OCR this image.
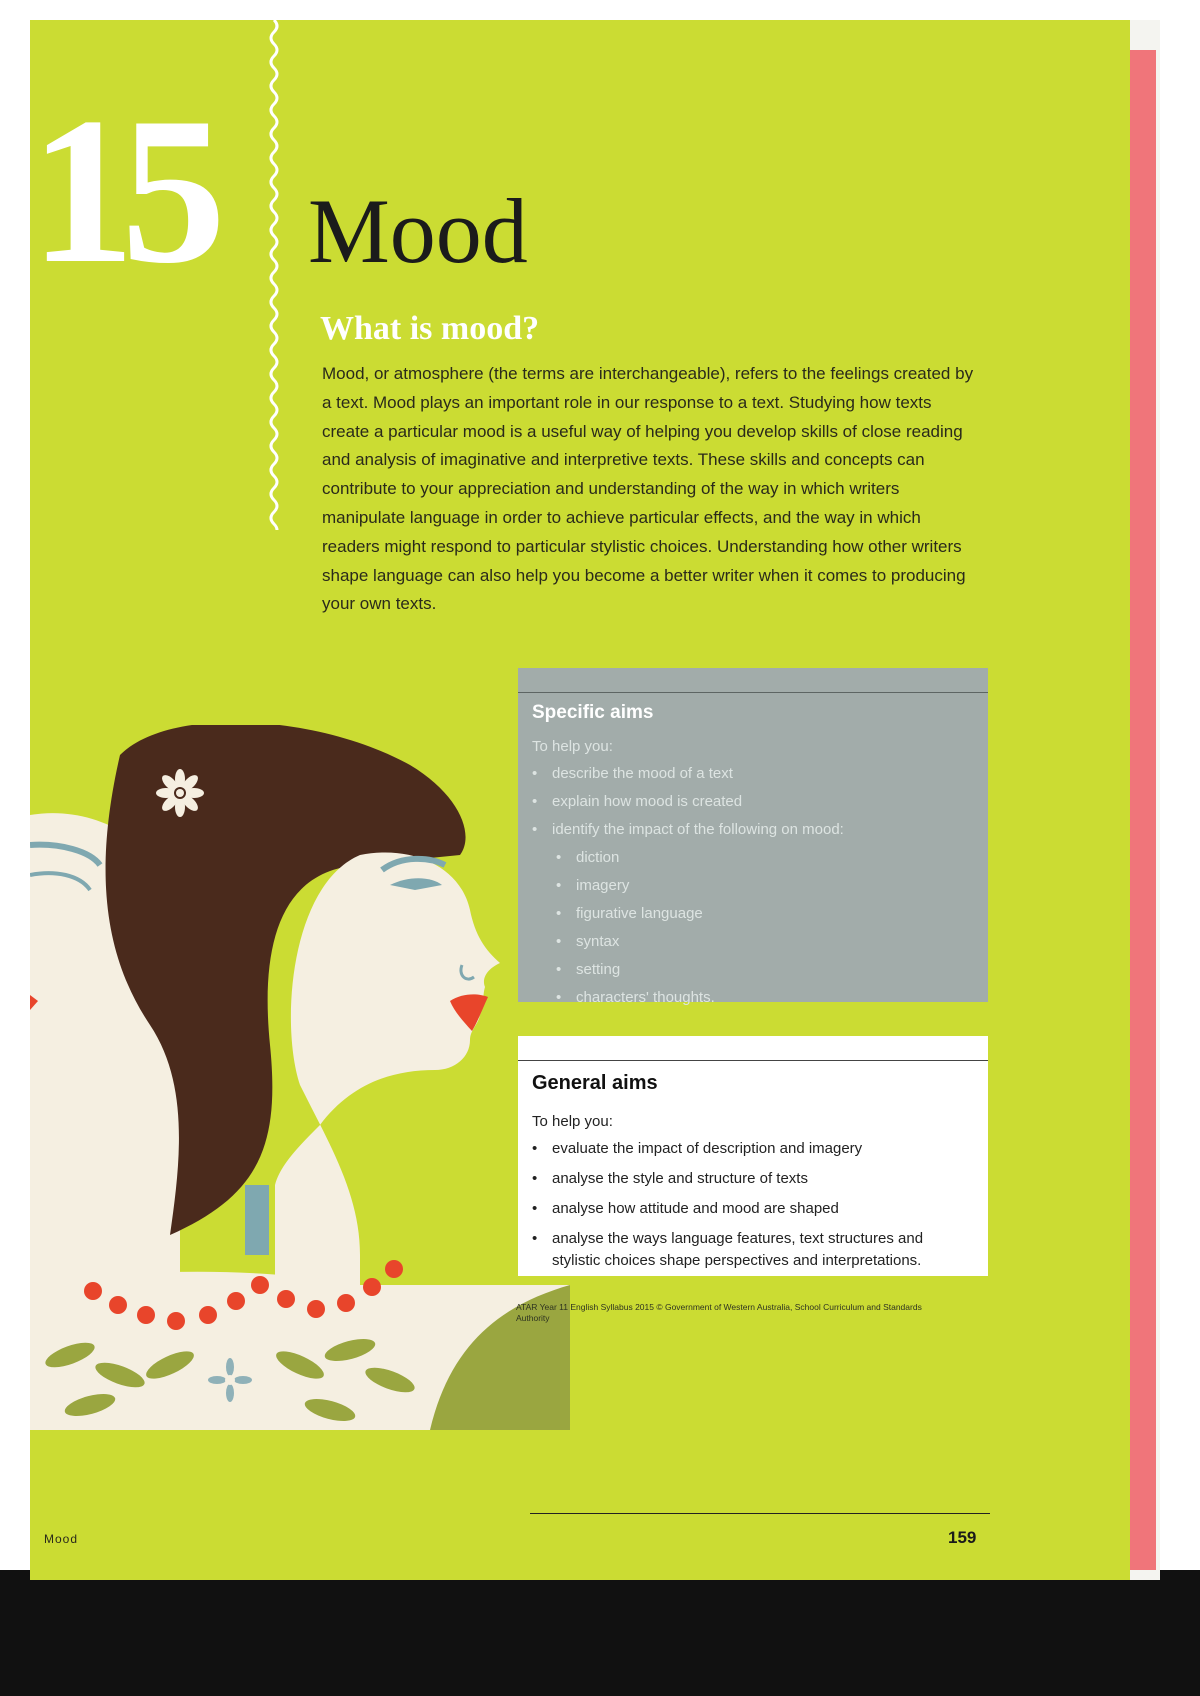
15 Mood
What is mood?

Mood, or atmosphere (the terms are interchangeable), refers to the feelings created by a text. Mood plays an important role in our response to a text. Studying how texts create a particular mood is a useful way of helping you develop skills of close reading and analysis of imaginative and interpretive texts. These skills and concepts can contribute to your appreciation and understanding of the way in which writers manipulate language in order to achieve particular effects, and the way in which readers might respond to particular stylistic choices. Understanding how other writers shape language can also help you become a better writer when it comes to producing your own texts.

Specific aims
To help you:
• describe the mood of a text
• explain how mood is created
• identify the impact of the following on mood:
• diction
• imagery
• figurative language
• syntax
• setting
• characters' thoughts.
General aims
To help you:
• evaluate the impact of description and imagery
• analyse the style and structure of texts
• analyse how attitude and mood are shaped
• analyse the ways language features, text structures and stylistic choices shape perspectives and interpretations.
ATAR Year 11 English Syllabus 2015 © Government of Western Australia, School Curriculum and Standards Authority
Mood	159
